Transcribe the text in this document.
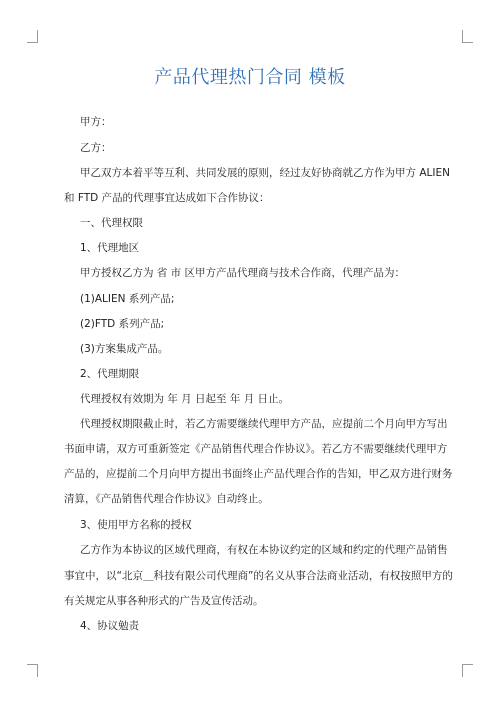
产品代理热门合同 模板
甲方：
乙方：
甲乙双方本着平等互利、共同发展的原则，经过友好协商就乙方作为甲方 ALIEN
和 FTD 产品的代理事宜达成如下合作协议：
一、代理权限
1、代理地区
甲方授权乙方为 省 市 区甲方产品代理商与技术合作商，代理产品为：
(1)ALIEN 系列产品;
(2)FTD 系列产品;
(3)方案集成产品。
2、代理期限
代理授权有效期为 年 月 日起至 年 月 日止。
代理授权期限截止时，若乙方需要继续代理甲方产品，应提前二个月向甲方写出
书面申请，双方可重新签定《产品销售代理合作协议》。若乙方不需要继续代理甲方
产品的，应提前二个月向甲方提出书面终止产品代理合作的告知，甲乙双方进行财务
清算，《产品销售代理合作协议》自动终止。
3、使用甲方名称的授权
乙方作为本协议的区域代理商，有权在本协议约定的区域和约定的代理产品销售
事宜中，以“北京＿科技有限公司代理商”的名义从事合法商业活动，有权按照甲方的
有关规定从事各种形式的广告及宣传活动。
4、协议勉责
